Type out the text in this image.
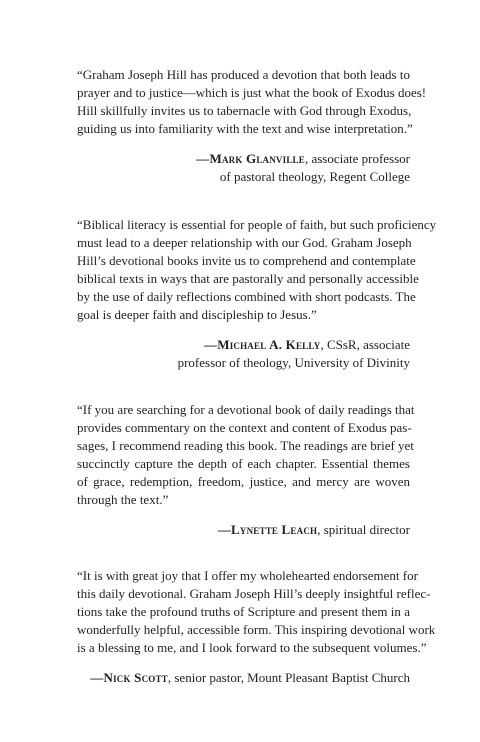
“Graham Joseph Hill has produced a devotion that both leads to
prayer and to justice—which is just what the book of Exodus does!
Hill skillfully invites us to tabernacle with God through Exodus,
guiding us into familiarity with the text and wise interpretation.”

—Mark Glanville, associate professor
of pastoral theology, Regent College

“Biblical literacy is essential for people of faith, but such proficiency
must lead to a deeper relationship with our God. Graham Joseph
Hill’s devotional books invite us to comprehend and contemplate
biblical texts in ways that are pastorally and personally accessible
by the use of daily reflections combined with short podcasts. The
goal is deeper faith and discipleship to Jesus.”

—Michael A. Kelly, CSsR, associate
professor of theology, University of Divinity

“If you are searching for a devotional book of daily readings that
provides commentary on the context and content of Exodus pas-
sages, I recommend reading this book. The readings are brief yet
succinctly capture the depth of each chapter. Essential themes
of grace, redemption, freedom, justice, and mercy are woven
through the text.”

—Lynette Leach, spiritual director

“It is with great joy that I offer my wholehearted endorsement for
this daily devotional. Graham Joseph Hill’s deeply insightful reflec-
tions take the profound truths of Scripture and present them in a
wonderfully helpful, accessible form. This inspiring devotional work
is a blessing to me, and I look forward to the subsequent volumes.”

—Nick Scott, senior pastor, Mount Pleasant Baptist Church
